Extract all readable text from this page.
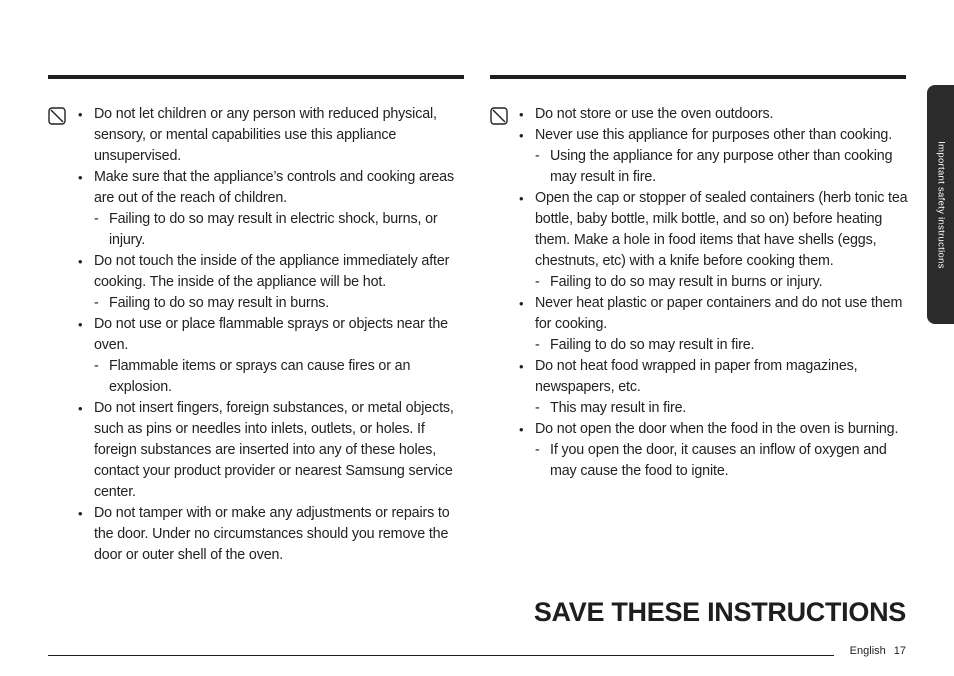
• Do not let children or any person with reduced physical, sensory, or mental capabilities use this appliance unsupervised.
• Make sure that the appliance’s controls and cooking areas are out of the reach of children.
- Failing to do so may result in electric shock, burns, or injury.
• Do not touch the inside of the appliance immediately after cooking. The inside of the appliance will be hot.
- Failing to do so may result in burns.
• Do not use or place flammable sprays or objects near the oven.
- Flammable items or sprays can cause fires or an explosion.
• Do not insert fingers, foreign substances, or metal objects, such as pins or needles into inlets, outlets, or holes. If foreign substances are inserted into any of these holes, contact your product provider or nearest Samsung service center.
• Do not tamper with or make any adjustments or repairs to the door. Under no circumstances should you remove the door or outer shell of the oven.
• Do not store or use the oven outdoors.
• Never use this appliance for purposes other than cooking.
- Using the appliance for any purpose other than cooking may result in fire.
• Open the cap or stopper of sealed containers (herb tonic tea bottle, baby bottle, milk bottle, and so on) before heating them. Make a hole in food items that have shells (eggs, chestnuts, etc) with a knife before cooking them.
- Failing to do so may result in burns or injury.
• Never heat plastic or paper containers and do not use them for cooking.
- Failing to do so may result in fire.
• Do not heat food wrapped in paper from magazines, newspapers, etc.
- This may result in fire.
• Do not open the door when the food in the oven is burning.
- If you open the door, it causes an inflow of oxygen and may cause the food to ignite.
Important safety instructions
SAVE THESE INSTRUCTIONS
English 17
